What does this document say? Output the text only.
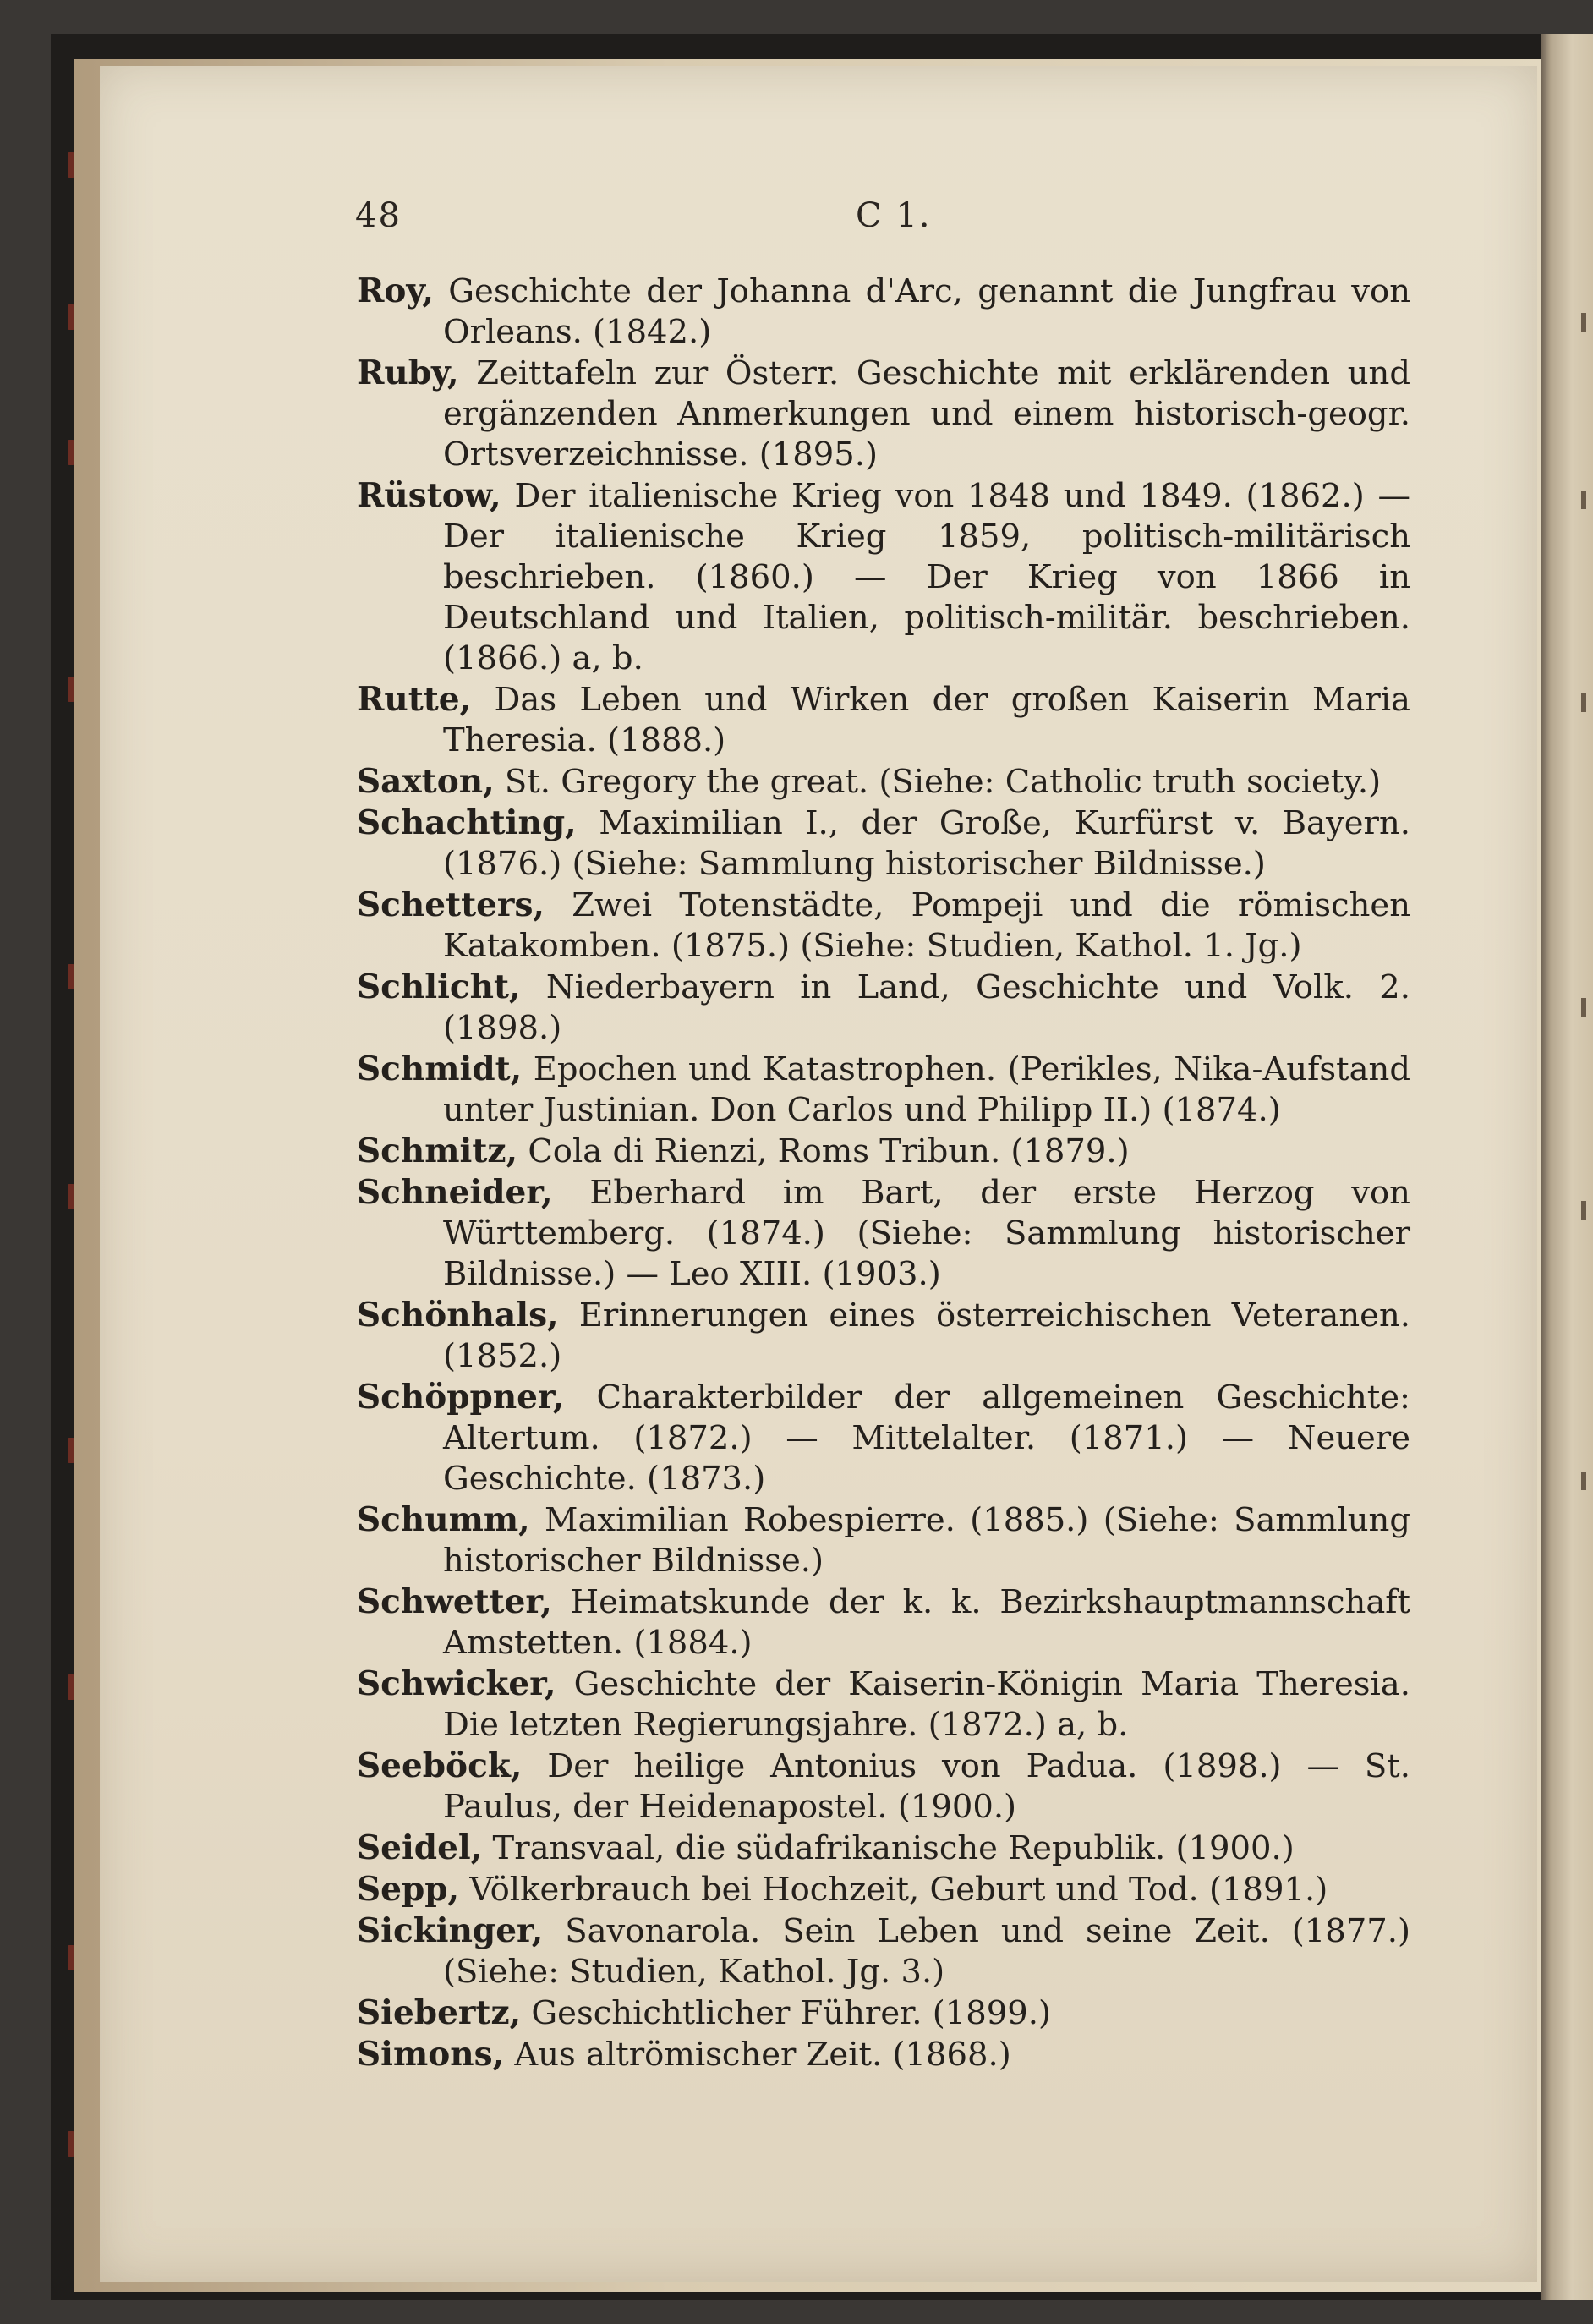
48	C 1.

Roy, Geschichte der Johanna d'Arc, genannt die Jungfrau von Orleans. (1842.)

Ruby, Zeittafeln zur Österr. Geschichte mit erklärenden und ergänzenden Anmerkungen und einem historisch-geogr. Ortsverzeichnisse. (1895.)

Rüstow, Der italienische Krieg von 1848 und 1849. (1862.) — Der italienische Krieg 1859, politisch-militärisch beschrieben. (1860.) — Der Krieg von 1866 in Deutschland und Italien, politisch-militär. beschrieben. (1866.) a, b.

Rutte, Das Leben und Wirken der großen Kaiserin Maria Theresia. (1888.)

Saxton, St. Gregory the great. (Siehe: Catholic truth society.)

Schachting, Maximilian I., der Große, Kurfürst v. Bayern. (1876.) (Siehe: Sammlung historischer Bildnisse.)

Schetters, Zwei Totenstädte, Pompeji und die römischen Katakomben. (1875.) (Siehe: Studien, Kathol. 1. Jg.)

Schlicht, Niederbayern in Land, Geschichte und Volk. 2. (1898.)

Schmidt, Epochen und Katastrophen. (Perikles, Nika-Aufstand unter Justinian. Don Carlos und Philipp II.) (1874.)

Schmitz, Cola di Rienzi, Roms Tribun. (1879.)

Schneider, Eberhard im Bart, der erste Herzog von Württemberg. (1874.) (Siehe: Sammlung historischer Bildnisse.) — Leo XIII. (1903.)

Schönhals, Erinnerungen eines österreichischen Veteranen. (1852.)

Schöppner, Charakterbilder der allgemeinen Geschichte: Altertum. (1872.) — Mittelalter. (1871.) — Neuere Geschichte. (1873.)

Schumm, Maximilian Robespierre. (1885.) (Siehe: Sammlung historischer Bildnisse.)

Schwetter, Heimatskunde der k. k. Bezirkshauptmannschaft Amstetten. (1884.)

Schwicker, Geschichte der Kaiserin-Königin Maria Theresia. Die letzten Regierungsjahre. (1872.) a, b.

Seeböck, Der heilige Antonius von Padua. (1898.) — St. Paulus, der Heidenapostel. (1900.)

Seidel, Transvaal, die südafrikanische Republik. (1900.)

Sepp, Völkerbrauch bei Hochzeit, Geburt und Tod. (1891.)

Sickinger, Savonarola. Sein Leben und seine Zeit. (1877.) (Siehe: Studien, Kathol. Jg. 3.)

Siebertz, Geschichtlicher Führer. (1899.)

Simons, Aus altrömischer Zeit. (1868.)
